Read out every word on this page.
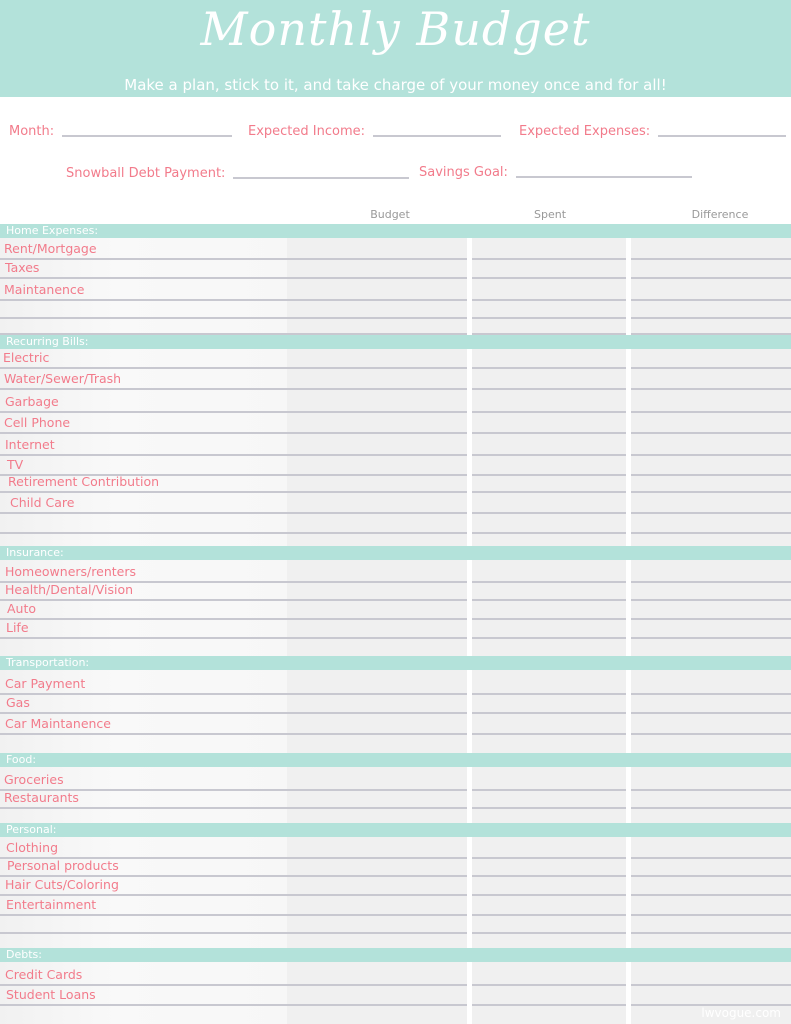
Monthly Budget
Make a plan, stick to it, and take charge of your money once and for all!
Month:	Expected Income:	Expected Expenses:
Snowball Debt Payment:	Savings Goal:
Budget	Spent	Difference
Home Expenses:
Rent/Mortgage
Taxes
Maintanence
Recurring Bills:
Electric
Water/Sewer/Trash
Garbage
Cell Phone
Internet
TV
Retirement Contribution
Child Care
Insurance:
Homeowners/renters
Health/Dental/Vision
Auto
Life
Transportation:
Car Payment
Gas
Car Maintanence
Food:
Groceries
Restaurants
Personal:
Clothing
Personal products
Hair Cuts/Coloring
Entertainment
Debts:
Credit Cards
Student Loans
lwvogue.com
